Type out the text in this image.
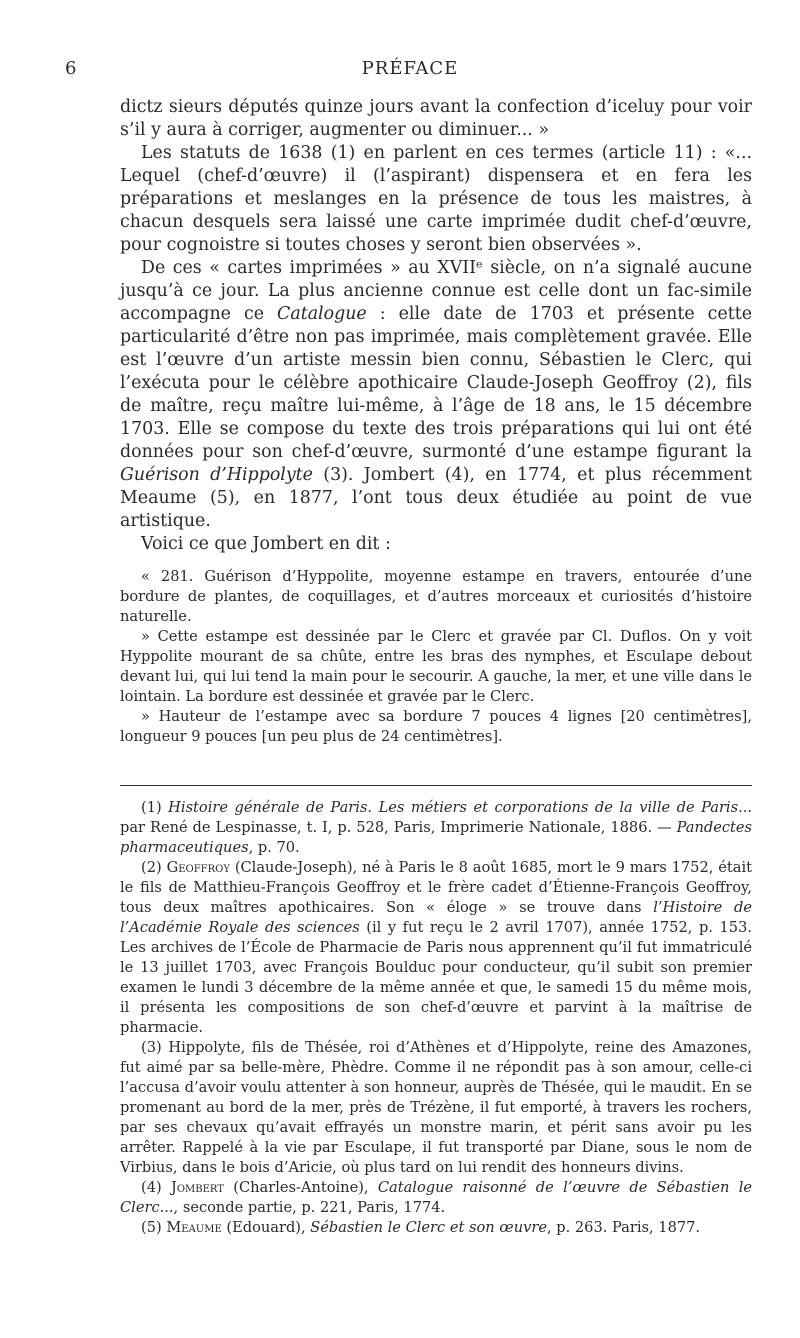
6	PRÉFACE

dictz sieurs députés quinze jours avant la confection d’iceluy pour voir s’il y aura à corriger, augmenter ou diminuer... »

Les statuts de 1638 (1) en parlent en ces termes (article 11) : «... Lequel (chef-d’œuvre) il (l’aspirant) dispensera et en fera les préparations et meslanges en la présence de tous les maistres, à chacun desquels sera laissé une carte imprimée dudit chef-d’œuvre, pour cognoistre si toutes choses y seront bien observées ».

De ces « cartes imprimées » au XVIIᵉ siècle, on n’a signalé aucune jusqu’à ce jour. La plus ancienne connue est celle dont un fac-simile accompagne ce Catalogue : elle date de 1703 et présente cette particularité d’être non pas imprimée, mais complètement gravée. Elle est l’œuvre d’un artiste messin bien connu, Sébastien le Clerc, qui l’exécuta pour le célèbre apothicaire Claude-Joseph Geoffroy (2), fils de maître, reçu maître lui-même, à l’âge de 18 ans, le 15 décembre 1703. Elle se compose du texte des trois préparations qui lui ont été données pour son chef-d’œuvre, surmonté d’une estampe figurant la Guérison d’Hippolyte (3). Jombert (4), en 1774, et plus récemment Meaume (5), en 1877, l’ont tous deux étudiée au point de vue artistique.

Voici ce que Jombert en dit :

« 281. Guérison d’Hyppolite, moyenne estampe en travers, entourée d’une bordure de plantes, de coquillages, et d’autres morceaux et curiosités d’histoire naturelle.

» Cette estampe est dessinée par le Clerc et gravée par Cl. Duflos. On y voit Hyppolite mourant de sa chûte, entre les bras des nymphes, et Esculape debout devant lui, qui lui tend la main pour le secourir. A gauche, la mer, et une ville dans le lointain. La bordure est dessinée et gravée par le Clerc.

» Hauteur de l’estampe avec sa bordure 7 pouces 4 lignes [20 centimètres], longueur 9 pouces [un peu plus de 24 centimètres].

(1) Histoire générale de Paris. Les métiers et corporations de la ville de Paris... par René de Lespinasse, t. I, p. 528, Paris, Imprimerie Nationale, 1886. — Pandectes pharmaceutiques, p. 70.

(2) Geoffroy (Claude-Joseph), né à Paris le 8 août 1685, mort le 9 mars 1752, était le fils de Matthieu-François Geoffroy et le frère cadet d’Étienne-François Geoffroy, tous deux maîtres apothicaires. Son « éloge » se trouve dans l’Histoire de l’Académie Royale des sciences (il y fut reçu le 2 avril 1707), année 1752, p. 153. Les archives de l’École de Pharmacie de Paris nous apprennent qu’il fut immatriculé le 13 juillet 1703, avec François Boulduc pour conducteur, qu’il subit son premier examen le lundi 3 décembre de la même année et que, le samedi 15 du même mois, il présenta les compositions de son chef-d’œuvre et parvint à la maîtrise de pharmacie.

(3) Hippolyte, fils de Thésée, roi d’Athènes et d’Hippolyte, reine des Amazones, fut aimé par sa belle-mère, Phèdre. Comme il ne répondit pas à son amour, celle-ci l’accusa d’avoir voulu attenter à son honneur, auprès de Thésée, qui le maudit. En se promenant au bord de la mer, près de Trézène, il fut emporté, à travers les rochers, par ses chevaux qu’avait effrayés un monstre marin, et périt sans avoir pu les arrêter. Rappelé à la vie par Esculape, il fut transporté par Diane, sous le nom de Virbius, dans le bois d’Aricie, où plus tard on lui rendit des honneurs divins.

(4) Jombert (Charles-Antoine), Catalogue raisonné de l’œuvre de Sébastien le Clerc..., seconde partie, p. 221, Paris, 1774.

(5) Meaume (Edouard), Sébastien le Clerc et son œuvre, p. 263. Paris, 1877.
